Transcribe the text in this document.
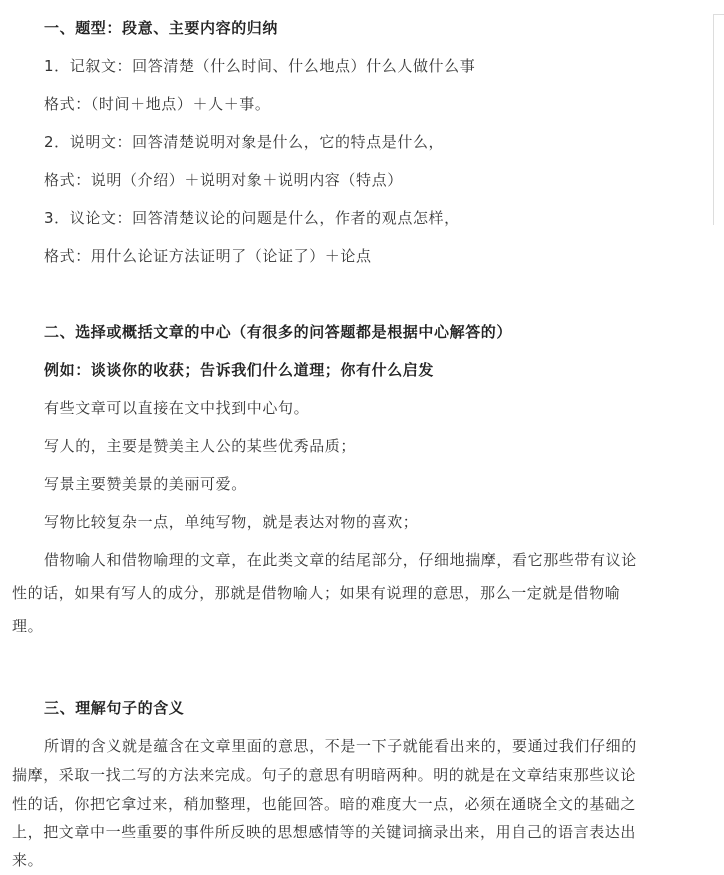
一、题型：段意、主要内容的归纳
1．记叙文：回答清楚（什么时间、什么地点）什么人做什么事
格式：（时间＋地点）＋人＋事。
2．说明文：回答清楚说明对象是什么，它的特点是什么，
格式：说明（介绍）＋说明对象＋说明内容（特点）
3．议论文：回答清楚议论的问题是什么，作者的观点怎样，
格式：用什么论证方法证明了（论证了）＋论点
二、选择或概括文章的中心（有很多的问答题都是根据中心解答的）
例如：谈谈你的收获；告诉我们什么道理；你有什么启发
有些文章可以直接在文中找到中心句。
写人的，主要是赞美主人公的某些优秀品质；
写景主要赞美景的美丽可爱。
写物比较复杂一点，单纯写物，就是表达对物的喜欢；
借物喻人和借物喻理的文章，在此类文章的结尾部分，仔细地揣摩，看它那些带有议论
性的话，如果有写人的成分，那就是借物喻人；如果有说理的意思，那么一定就是借物喻
理。
三、理解句子的含义
所谓的含义就是蕴含在文章里面的意思，不是一下子就能看出来的，要通过我们仔细的
揣摩，采取一找二写的方法来完成。句子的意思有明暗两种。明的就是在文章结束那些议论
性的话，你把它拿过来，稍加整理，也能回答。暗的难度大一点，必须在通晓全文的基础之
上，把文章中一些重要的事件所反映的思想感情等的关键词摘录出来，用自己的语言表达出
来。
